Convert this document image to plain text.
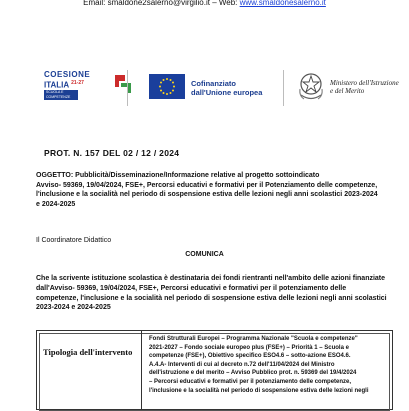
Email: smaldone2salerno@virgilio.it – Web: www.smaldonesalerno.it
COESIONE
ITALIA $^{21-27}$
SCUOLA E COMPETENZE
Cofinanziato
dall'Unione europea
Ministero dell'Istruzione
e del Merito
PROT. N. 157 DEL 02 / 12 / 2024
OGGETTO: Pubblicità/Disseminazione/Informazione relative al progetto sottoindicato
Avviso- 59369, 19/04/2024, FSE+, Percorsi educativi e formativi per il Potenziamento delle competenze,
l'inclusione e la socialità nel periodo di sospensione estiva delle lezioni negli anni scolastici 2023-2024
e 2024-2025
Il Coordinatore Didattico
COMUNICA
Che la scrivente istituzione scolastica è destinataria dei fondi rientranti nell'ambito delle azioni finanziate
dall'Avviso- 59369, 19/04/2024, FSE+, Percorsi educativi e formativi per il potenziamento delle
competenze, l'inclusione e la socialità nel periodo di sospensione estiva delle lezioni negli anni scolastici
2023-2024 e 2024-2025
Tipologia dell'intervento
Fondi Strutturali Europei – Programma Nazionale "Scuola e competenze"
2021-2027 – Fondo sociale europeo plus (FSE+) – Priorità 1 – Scuola e
competenze (FSE+), Obiettivo specifico ESO4.6 – sotto-azione ESO4.6.
A.4.A- Interventi di cui al decreto n.72 dell'11/04/2024 del Ministro
dell'istruzione e del merito – Avviso Pubblico prot. n. 59369 del 19/4/2024
– Percorsi educativi e formativi per il potenziamento delle competenze,
l'inclusione e la socialità nel periodo di sospensione estiva delle lezioni negli
